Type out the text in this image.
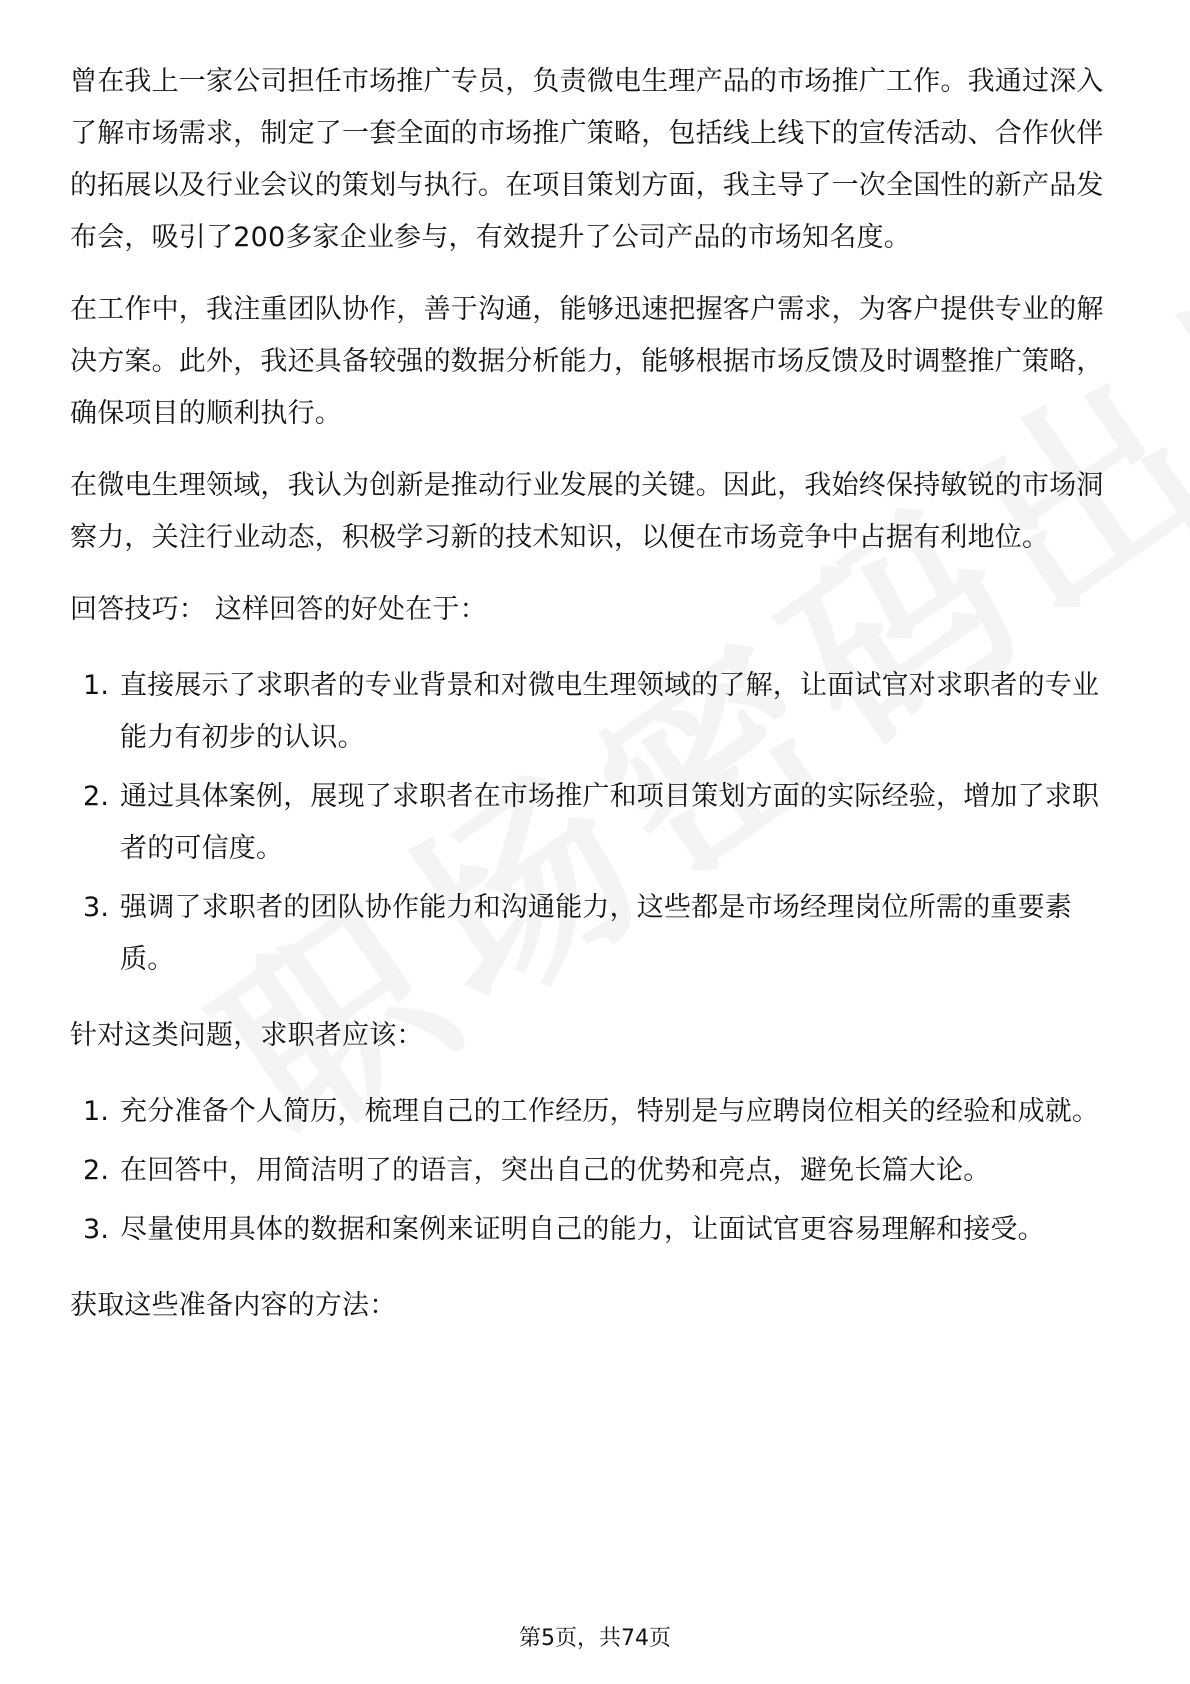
曾在我上一家公司担任市场推广专员，负责微电生理产品的市场推广工作。我通过深入了解市场需求，制定了一套全面的市场推广策略，包括线上线下的宣传活动、合作伙伴的拓展以及行业会议的策划与执行。在项目策划方面，我主导了一次全国性的新产品发布会，吸引了200多家企业参与，有效提升了公司产品的市场知名度。

在工作中，我注重团队协作，善于沟通，能够迅速把握客户需求，为客户提供专业的解决方案。此外，我还具备较强的数据分析能力，能够根据市场反馈及时调整推广策略，确保项目的顺利执行。

在微电生理领域，我认为创新是推动行业发展的关键。因此，我始终保持敏锐的市场洞察力，关注行业动态，积极学习新的技术知识，以便在市场竞争中占据有利地位。

回答技巧： 这样回答的好处在于：

1. 直接展示了求职者的专业背景和对微电生理领域的了解，让面试官对求职者的专业能力有初步的认识。
2. 通过具体案例，展现了求职者在市场推广和项目策划方面的实际经验，增加了求职者的可信度。
3. 强调了求职者的团队协作能力和沟通能力，这些都是市场经理岗位所需的重要素质。

针对这类问题，求职者应该：

1. 充分准备个人简历，梳理自己的工作经历，特别是与应聘岗位相关的经验和成就。
2. 在回答中，用简洁明了的语言，突出自己的优势和亮点，避免长篇大论。
3. 尽量使用具体的数据和案例来证明自己的能力，让面试官更容易理解和接受。

获取这些准备内容的方法：

第5页，共74页
